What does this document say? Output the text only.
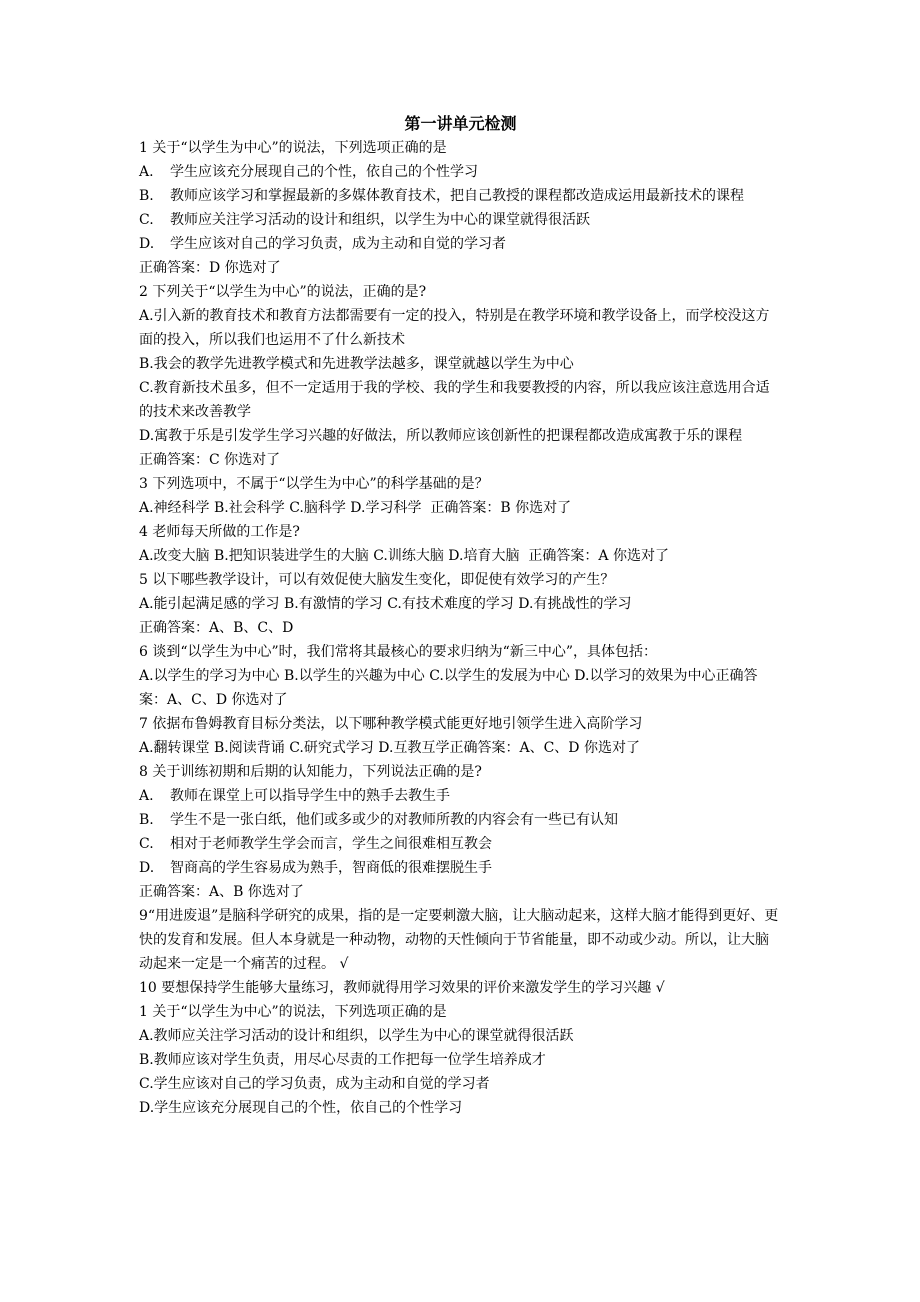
第一讲单元检测

1 关于“以学生为中心”的说法，下列选项正确的是

A.	学生应该充分展现自己的个性，依自己的个性学习
B.	教师应该学习和掌握最新的多媒体教育技术，把自己教授的课程都改造成运用最新技术的课程
C.	教师应关注学习活动的设计和组织，以学生为中心的课堂就得很活跃
D.	学生应该对自己的学习负责，成为主动和自觉的学习者

正确答案：D 你选对了

2 下列关于“以学生为中心”的说法，正确的是?

A.引入新的教育技术和教育方法都需要有一定的投入，特别是在教学环境和教学设备上，而学校没这方面的投入，所以我们也运用不了什么新技术

B.我会的教学先进教学模式和先进教学法越多，课堂就越以学生为中心

C.教育新技术虽多，但不一定适用于我的学校、我的学生和我要教授的内容，所以我应该注意选用合适的技术来改善教学

D.寓教于乐是引发学生学习兴趣的好做法，所以教师应该创新性的把课程都改造成寓教于乐的课程

正确答案：C 你选对了

3 下列选项中，不属于“以学生为中心”的科学基础的是？

A.神经科学 B.社会科学 C.脑科学 D.学习科学  正确答案：B 你选对了

4 老师每天所做的工作是?

A.改变大脑 B.把知识装进学生的大脑 C.训练大脑 D.培育大脑  正确答案：A 你选对了

5 以下哪些教学设计，可以有效促使大脑发生变化，即促使有效学习的产生？

A.能引起满足感的学习 B.有激情的学习 C.有技术难度的学习 D.有挑战性的学习

正确答案：A、B、C、D

6 谈到“以学生为中心”时，我们常将其最核心的要求归纳为“新三中心”，具体包括：

A.以学生的学习为中心 B.以学生的兴趣为中心 C.以学生的发展为中心 D.以学习的效果为中心正确答案：A、C、D 你选对了

7 依据布鲁姆教育目标分类法，以下哪种教学模式能更好地引领学生进入高阶学习

A.翻转课堂 B.阅读背诵 C.研究式学习 D.互教互学正确答案：A、C、D 你选对了

8 关于训练初期和后期的认知能力，下列说法正确的是?

A.	教师在课堂上可以指导学生中的熟手去教生手
B.	学生不是一张白纸，他们或多或少的对教师所教的内容会有一些已有认知
C.	相对于老师教学生学会而言，学生之间很难相互教会
D.	智商高的学生容易成为熟手，智商低的很难摆脱生手

正确答案：A、B 你选对了

9“用进废退”是脑科学研究的成果，指的是一定要刺激大脑，让大脑动起来，这样大脑才能得到更好、更快的发育和发展。但人本身就是一种动物，动物的天性倾向于节省能量，即不动或少动。所以，让大脑动起来一定是一个痛苦的过程。 √

10 要想保持学生能够大量练习，教师就得用学习效果的评价来激发学生的学习兴趣 √

1 关于“以学生为中心”的说法，下列选项正确的是

A.教师应关注学习活动的设计和组织，以学生为中心的课堂就得很活跃

B.教师应该对学生负责，用尽心尽责的工作把每一位学生培养成才

C.学生应该对自己的学习负责，成为主动和自觉的学习者

D.学生应该充分展现自己的个性，依自己的个性学习
